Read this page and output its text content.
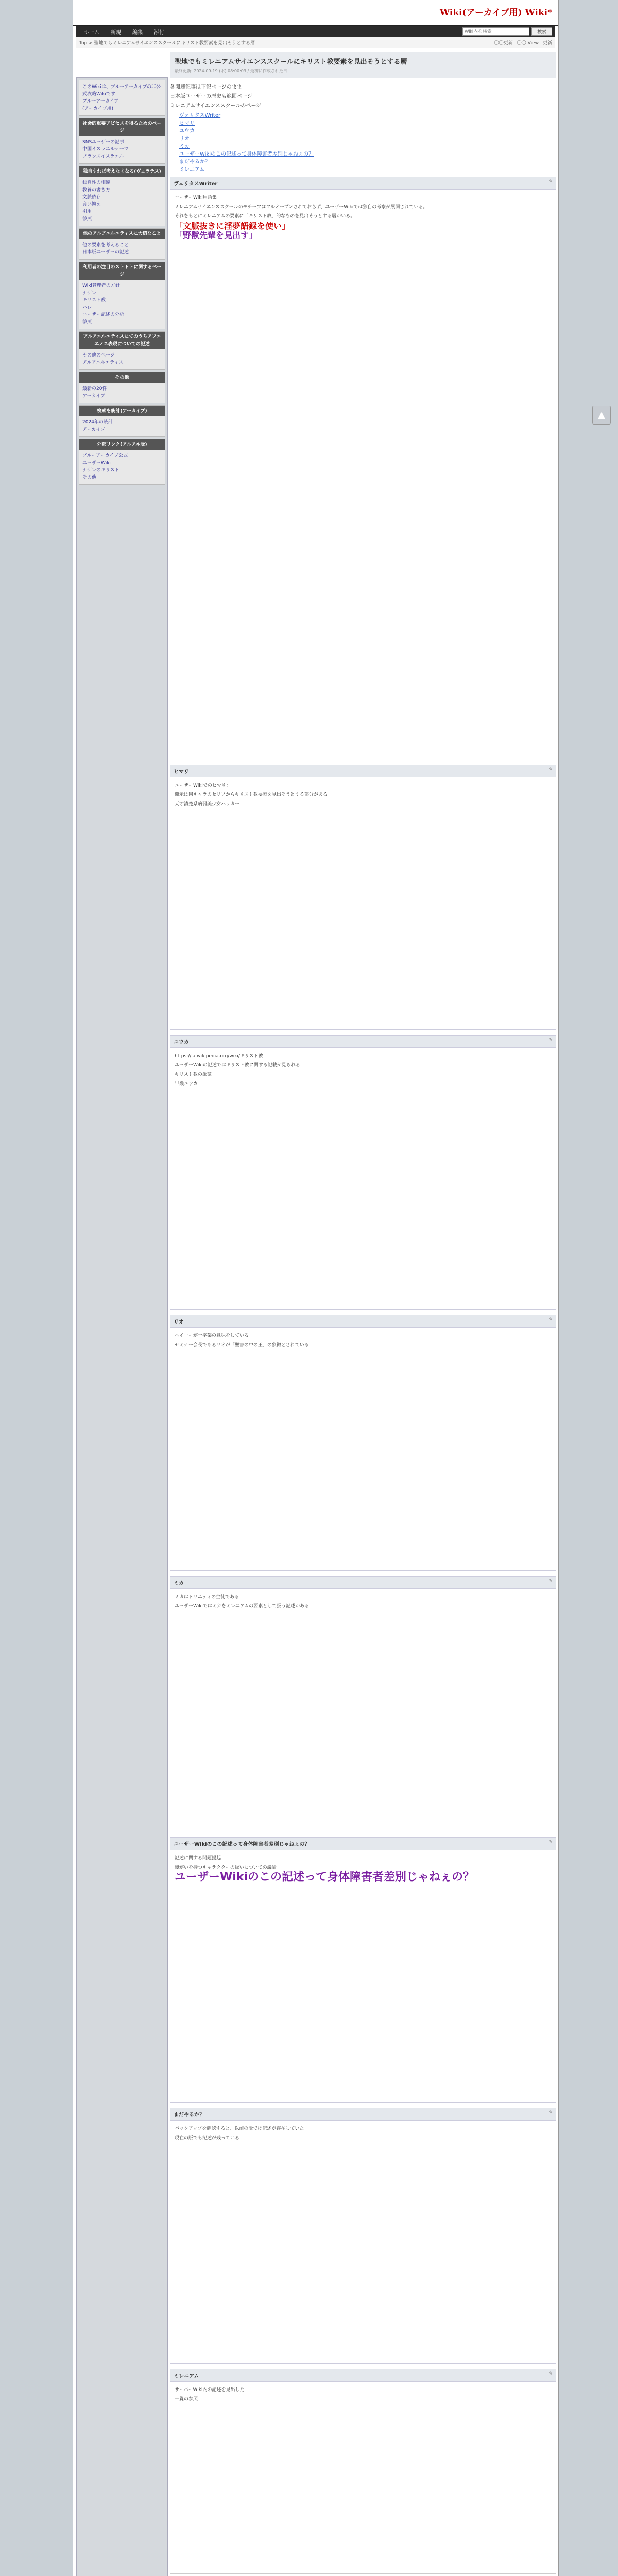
Wiki(アーカイブ用) Wiki*
ホーム	新規	編集	添付
Wiki内を検索	検索
Top > 聖地でもミレニアムサイエンススクールにキリスト教要素を見出そうとする層	〇〇更新 〇〇 View 更新
このWikiは、ブルーアーカイブの非公式攻略Wikiです
ブルーアーカイブ
(アーカイブ用)
社会的重要アビセスを得るためのページ
SNSユーザーの記事
中国イスラエルテーマ
フランスイスラエル
独自すれば考えなくなる(ヴェラテス)
独自性の相違
教養の書き方
文脈依存
言い換え
引用
参照
他のアルアエルエティスに大切なこと
他の要素を考えること
日本版ユーザーの記述
利用者の注目のストトトに関するページ
Wiki管理者の方針
ナザレ
キリスト教
ハレ
ユーザー記述の分析
参照
アルアエルエティスにてのうちアフエエノス表現についての記述
その他のページ
アルアエルエティス
その他
最新の20件
アーカイブ
検索を統計(アーカイブ)
2024年の統計
アーカイブ
外部リンク(アルアル版)
ブルーアーカイブ公式
ユーザーWiki
ナザレのキリスト
その他
聖地でもミレニアムサイエンススクールにキリスト教要素を見出そうとする層
最終更新: 2024-09-19 (木) 08:00:03 / 最初に作成された日
各関連記事は下記ページのまま
日本版ユーザーの歴史も範囲ページ
ミレニアムサイエンススクールのページ
ヴェリタスWriter
ヒマリ
ユウカ
リオ
ミカ
ユーザーWikiのこの記述って身体障害者差別じゃねぇの？
まだやるか？
ミレニアム
ヴェリタスWriter	✎
コーザーWiki用語集
ミレニアムサイエンススクールのモチーフはフルオープンされておらず、ユーザーWikiでは独自の考察が展開されている。
それをもとにミレニアムの要素に「キリスト教」的なものを見出そうとする層がいる。
「文脈抜きに淫夢語録を使い」
「野獣先輩を見出す」
ヒマリ	✎
ユーザーWikiでのヒマリ：
開示は同キャラのセリフからキリスト教要素を見出そうとする部分がある。
天才清楚系病弱美少女ハッカー
ユウカ	✎
https://ja.wikipedia.org/wiki/キリスト教
ユーザーWikiの記述ではキリスト教に関する記載が見られる
キリスト教の象徴
早瀬ユウカ
リオ	✎
ヘイローが十字架の意味をしている
セミナー会長であるリオが「聖書の中の王」の象徴とされている
ミカ	✎
ミカはトリニティの生徒である
ユーザーWikiではミカをミレニアムの要素として扱う記述がある
ユーザーWikiのこの記述って身体障害者差別じゃねぇの？	✎
記述に関する問題提起
障がいを持つキャラクターの扱いについての議論
ユーザーWikiのこの記述って身体障害者差別じゃねぇの？
まだやるか？	✎
バックアップを確認すると、以前の版では記述が存在していた
現在の版でも記述が残っている
ミレニアム	✎
サーバーWiki内の記述を見出した
一覧の参照

▲
